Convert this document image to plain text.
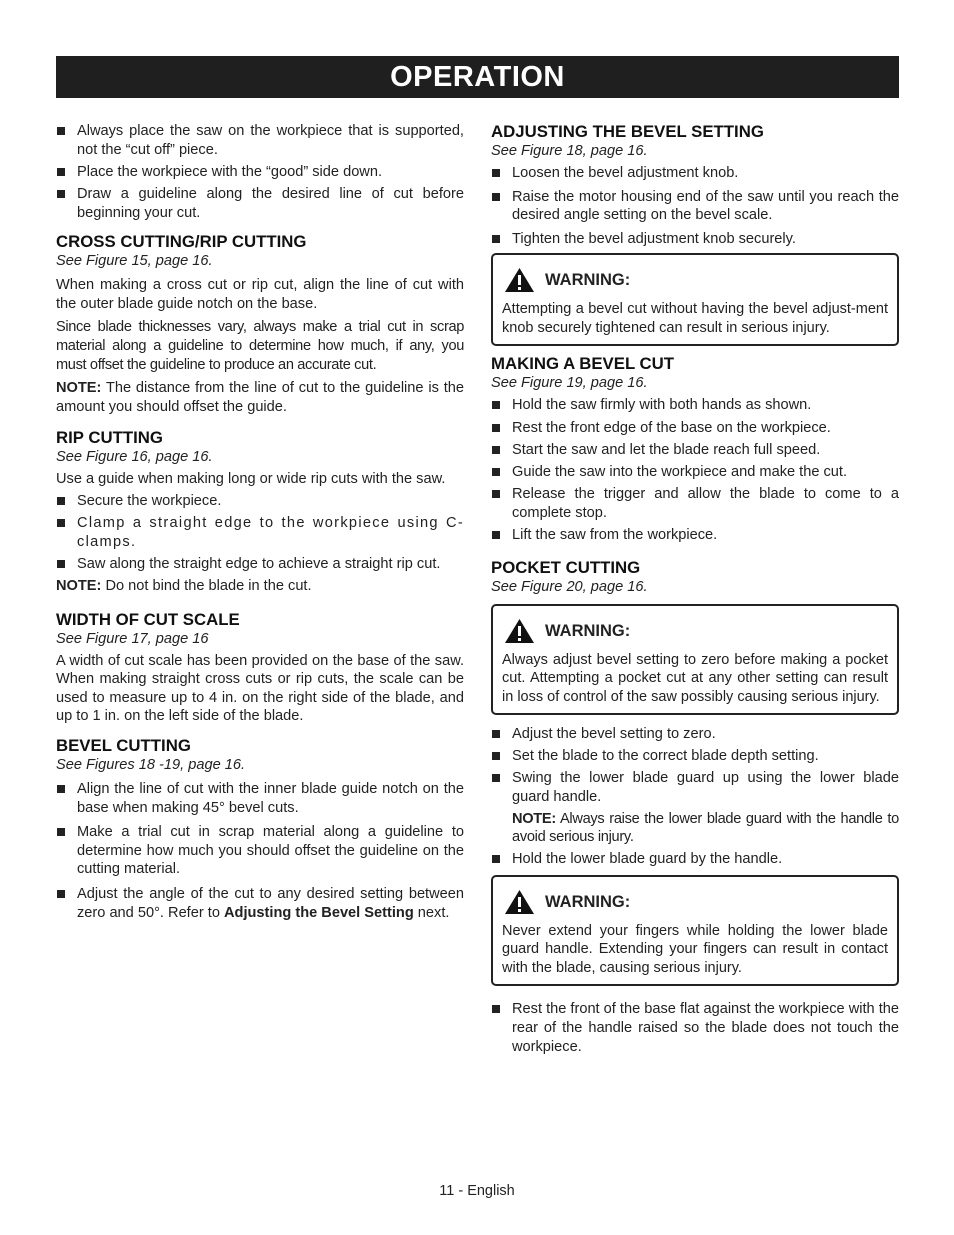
OPERATION
Always place the saw on the workpiece that is supported, not the “cut off” piece.
Place the workpiece with the “good” side down.
Draw a guideline along the desired line of cut before beginning your cut.
CROSS CUTTING/RIP CUTTING

See Figure 15, page 16.

When making a cross cut or rip cut, align the line of cut with the outer blade guide notch on the base.

Since blade thicknesses vary, always make a trial cut in scrap material along a guideline to determine how much, if any, you must offset the guideline to produce an accurate cut.

NOTE: The distance from the line of cut to the guideline is the amount you should offset the guide.

RIP CUTTING

See Figure 16, page 16.

Use a guide when making long or wide rip cuts with the saw.

Secure the workpiece.
Clamp a straight edge to the workpiece using C-clamps.
Saw along the straight edge to achieve a straight rip cut.

NOTE: Do not bind the blade in the cut.

WIDTH OF CUT SCALE

See Figure 17, page 16

A width of cut scale has been provided on the base of the saw. When making straight cross cuts or rip cuts, the scale can be used to measure up to 4 in. on the right side of the blade, and up to 1 in. on the left side of the blade.

BEVEL CUTTING

See Figures 18 -19, page 16.

Align the line of cut with the inner blade guide notch on the base when making 45° bevel cuts.
Make a trial cut in scrap material along a guideline to determine how much you should offset the guideline on the cutting material.
Adjust the angle of the cut to any desired setting between zero and 50°. Refer to Adjusting the Bevel Setting next.
ADJUSTING THE BEVEL SETTING

See Figure 18, page 16.

Loosen the bevel adjustment knob.
Raise the motor housing end of the saw until you reach the desired angle setting on the bevel scale.
Tighten the bevel adjustment knob securely.
WARNING:

Attempting a bevel cut without having the bevel adjust-ment knob securely tightened can result in serious injury.

MAKING A BEVEL CUT

See Figure 19, page 16.

Hold the saw firmly with both hands as shown.
Rest the front edge of the base on the workpiece.
Start the saw and let the blade reach full speed.
Guide the saw into the workpiece and make the cut.
Release the trigger and allow the blade to come to a complete stop.
Lift the saw from the workpiece.
POCKET CUTTING

See Figure 20, page 16.

WARNING:

Always adjust bevel setting to zero before making a pocket cut. Attempting a pocket cut at any other setting can result in loss of control of the saw possibly causing serious injury.

Adjust the bevel setting to zero.
Set the blade to the correct blade depth setting.
Swing the lower blade guard up using the lower blade guard handle.
NOTE: Always raise the lower blade guard with the handle to avoid serious injury.
Hold the lower blade guard by the handle.
WARNING:

Never extend your fingers while holding the lower blade guard handle. Extending your fingers can result in contact with the blade, causing serious injury.

Rest the front of the base flat against the workpiece with the rear of the handle raised so the blade does not touch the workpiece.
11 - English
